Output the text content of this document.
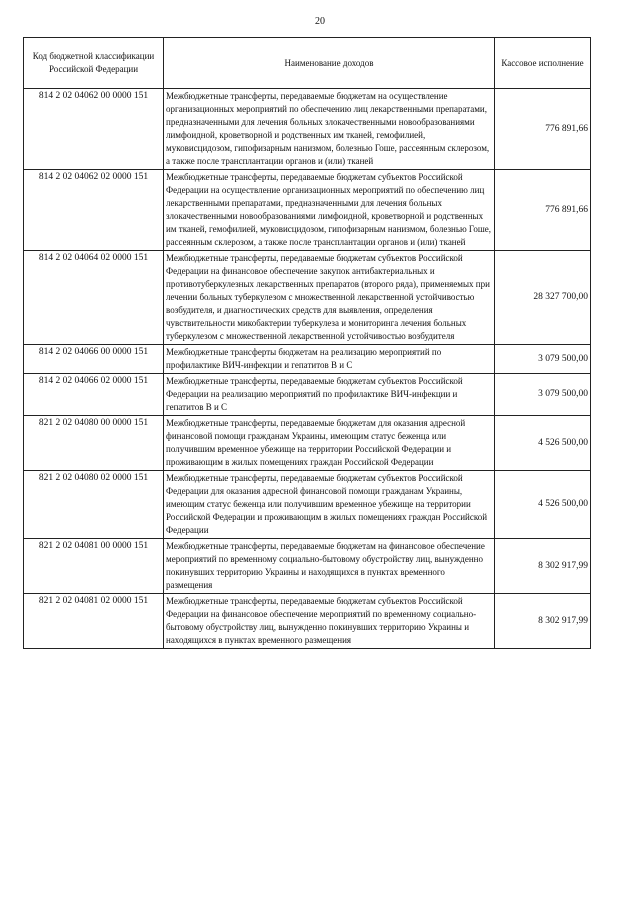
20
Код бюджетной классификации Российской Федерации	Наименование доходов	Кассовое исполнение
814 2 02 04062 00 0000 151	Межбюджетные трансферты, передаваемые бюджетам на осуществление организационных мероприятий по обеспечению лиц лекарственными препаратами, предназначенными для лечения больных злокачественными новообразованиями лимфоидной, кроветворной и родственных им тканей, гемофилией, муковисцидозом, гипофизарным нанизмом, болезнью Гоше, рассеянным склерозом, а также после трансплантации органов и (или) тканей	776 891,66
814 2 02 04062 02 0000 151	Межбюджетные трансферты, передаваемые бюджетам субъектов Российской Федерации на осуществление организационных мероприятий по обеспечению лиц лекарственными препаратами, предназначенными для лечения больных злокачественными новообразованиями лимфоидной, кроветворной и родственных им тканей, гемофилией, муковисцидозом, гипофизарным нанизмом, болезнью Гоше, рассеянным склерозом, а также после трансплантации органов и (или) тканей	776 891,66
814 2 02 04064 02 0000 151	Межбюджетные трансферты, передаваемые бюджетам субъектов Российской Федерации на финансовое обеспечение закупок антибактериальных и противотуберкулезных лекарственных препаратов (второго ряда), применяемых при лечении больных туберкулезом с множественной лекарственной устойчивостью возбудителя, и диагностических средств для выявления, определения чувствительности микобактерии туберкулеза и мониторинга лечения больных туберкулезом с множественной лекарственной устойчивостью возбудителя	28 327 700,00
814 2 02 04066 00 0000 151	Межбюджетные трансферты бюджетам на реализацию мероприятий по профилактике ВИЧ-инфекции и гепатитов В и С	3 079 500,00
814 2 02 04066 02 0000 151	Межбюджетные трансферты, передаваемые бюджетам субъектов Российской Федерации на реализацию мероприятий по профилактике ВИЧ-инфекции и гепатитов В и С	3 079 500,00
821 2 02 04080 00 0000 151	Межбюджетные трансферты, передаваемые бюджетам для оказания адресной финансовой помощи гражданам Украины, имеющим статус беженца или получившим временное убежище на территории Российской Федерации и проживающим в жилых помещениях граждан Российской Федерации	4 526 500,00
821 2 02 04080 02 0000 151	Межбюджетные трансферты, передаваемые бюджетам субъектов Российской Федерации для оказания адресной финансовой помощи гражданам Украины, имеющим статус беженца или получившим временное убежище на территории Российской Федерации и проживающим в жилых помещениях граждан Российской Федерации	4 526 500,00
821 2 02 04081 00 0000 151	Межбюджетные трансферты, передаваемые бюджетам на финансовое обеспечение мероприятий по временному социально-бытовому обустройству лиц, вынужденно покинувших территорию Украины и находящихся в пунктах временного размещения	8 302 917,99
821 2 02 04081 02 0000 151	Межбюджетные трансферты, передаваемые бюджетам субъектов Российской Федерации на финансовое обеспечение мероприятий по временному социально-бытовому обустройству лиц, вынужденно покинувших территорию Украины и находящихся в пунктах временного размещения	8 302 917,99
